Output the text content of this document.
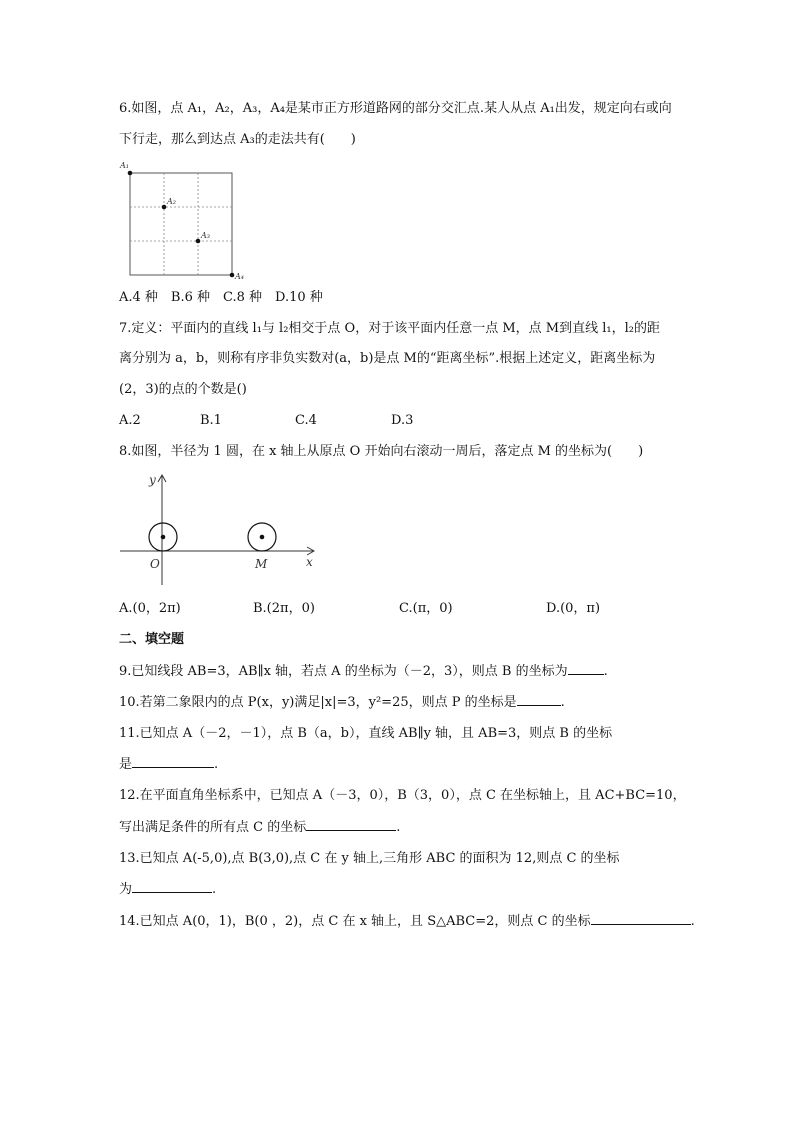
6.如图，点 A₁，A₂，A₃，A₄是某市正方形道路网的部分交汇点.某人从点 A₁出发，规定向右或向
下行走，那么到达点 A₃的走法共有(　　)
A₁
A₂
A₃
A₄
A.4 种　B.6 种　C.8 种　D.10 种
7.定义：平面内的直线 l₁与 l₂相交于点 O，对于该平面内任意一点 M，点 M到直线 l₁，l₂的距
离分别为 a，b，则称有序非负实数对(a，b)是点 M的“距离坐标”.根据上述定义，距离坐标为
(2，3)的点的个数是()
A.2	B.1	C.4	D.3
8.如图，半径为 1 圆，在 x 轴上从原点 O 开始向右滚动一周后，落定点 M 的坐标为(　　)
y
x
O	M
A.(0，2π)	B.(2π，0)	C.(π，0)	D.(0，π)
二、填空题
9.已知线段 AB=3，AB∥x 轴，若点 A 的坐标为（－2，3），则点 B 的坐标为	.
10.若第二象限内的点 P(x，y)满足|x|=3，y²=25，则点 P 的坐标是	.
11.已知点 A（－2，－1），点 B（a，b），直线 AB∥y 轴，且 AB=3，则点 B 的坐标
是	.
12.在平面直角坐标系中，已知点 A（－3，0），B（3，0），点 C 在坐标轴上，且 AC+BC=10，
写出满足条件的所有点 C 的坐标	.
13.已知点 A(-5,0),点 B(3,0),点 C 在 y 轴上,三角形 ABC 的面积为 12,则点 C 的坐标
为	.
14.已知点 A(0，1)，B(0 ，2)，点 C 在 x 轴上，且 S△ABC=2，则点 C 的坐标	.
